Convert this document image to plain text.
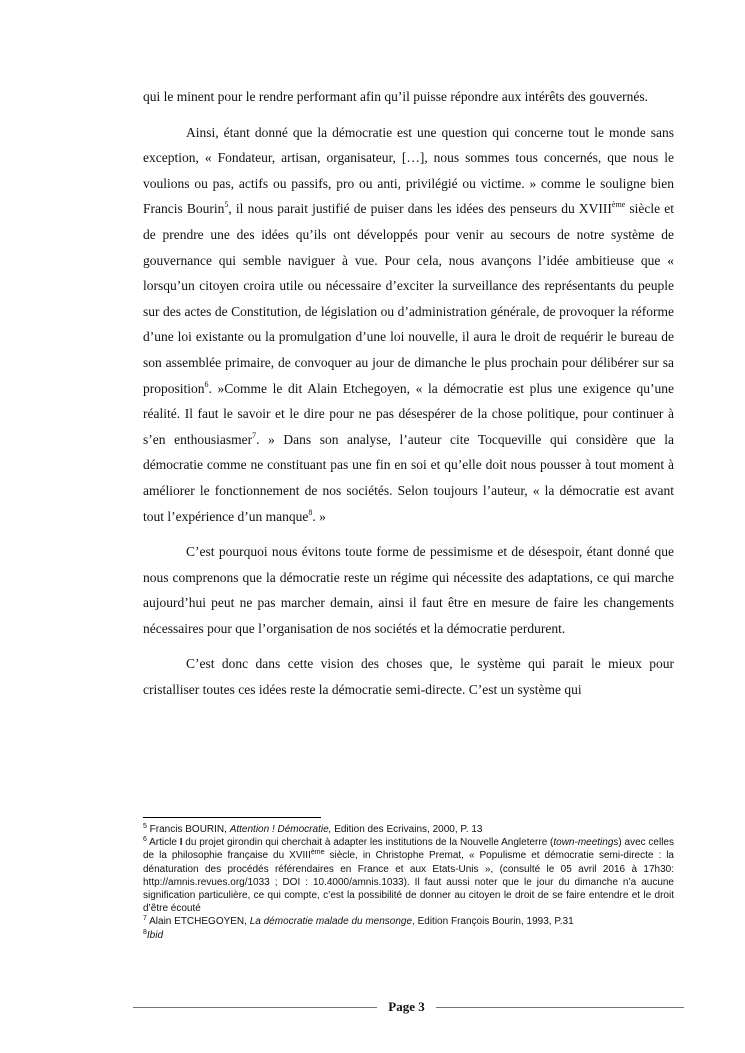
qui le minent pour le rendre performant afin qu’il puisse répondre aux intérêts des gouvernés.

Ainsi, étant donné que la démocratie est une question qui concerne tout le monde sans exception, « Fondateur, artisan, organisateur, […], nous sommes tous concernés, que nous le voulions ou pas, actifs ou passifs, pro ou anti, privilégié ou victime. » comme le souligne bien Francis Bourin$^5$, il nous parait justifié de puiser dans les idées des penseurs du XVIIIème siècle et de prendre une des idées qu’ils ont développés pour venir au secours de notre système de gouvernance qui semble naviguer à vue. Pour cela, nous avançons l’idée ambitieuse que « lorsqu’un citoyen croira utile ou nécessaire d’exciter la surveillance des représentants du peuple sur des actes de Constitution, de législation ou d’administration générale, de provoquer la réforme d’une loi existante ou la promulgation d’une loi nouvelle, il aura le droit de requérir le bureau de son assemblée primaire, de convoquer au jour de dimanche le plus prochain pour délibérer sur sa proposition$^6$. »Comme le dit Alain Etchegoyen, « la démocratie est plus une exigence qu’une réalité. Il faut le savoir et le dire pour ne pas désespérer de la chose politique, pour continuer à s’en enthousiasmer$^7$. » Dans son analyse, l’auteur cite Tocqueville qui considère que la démocratie comme ne constituant pas une fin en soi et qu’elle doit nous pousser à tout moment à améliorer le fonctionnement de nos sociétés. Selon toujours l’auteur, « la démocratie est avant tout l’expérience d’un manque$^8$. »

C’est pourquoi nous évitons toute forme de pessimisme et de désespoir, étant donné que nous comprenons que la démocratie reste un régime qui nécessite des adaptations, ce qui marche aujourd’hui peut ne pas marcher demain, ainsi il faut être en mesure de faire les changements nécessaires pour que l’organisation de nos sociétés et la démocratie perdurent.

C’est donc dans cette vision des choses que, le système qui parait le mieux pour cristalliser toutes ces idées reste la démocratie semi-directe. C’est un système qui

$^5$ Francis BOURIN, Attention ! Démocratie, Edition des Ecrivains, 2000, P. 13

$^6$ Article I du projet girondin qui cherchait à adapter les institutions de la Nouvelle Angleterre (town-meetings) avec celles de la philosophie française du XVIIIème siècle, in Christophe Premat, « Populisme et démocratie semi-directe : la dénaturation des procédés référendaires en France et aux Etats-Unis », (consulté le 05 avril 2016 à 17h30: http://amnis.revues.org/1033 ; DOI : 10.4000/amnis.1033). Il faut aussi noter que le jour du dimanche n’a aucune signification particulière, ce qui compte, c’est la possibilité de donner au citoyen le droit de se faire entendre et le droit d’être écouté

$^7$ Alain ETCHEGOYEN, La démocratie malade du mensonge, Edition François Bourin, 1993, P.31

$^8$Ibid

Page 3
